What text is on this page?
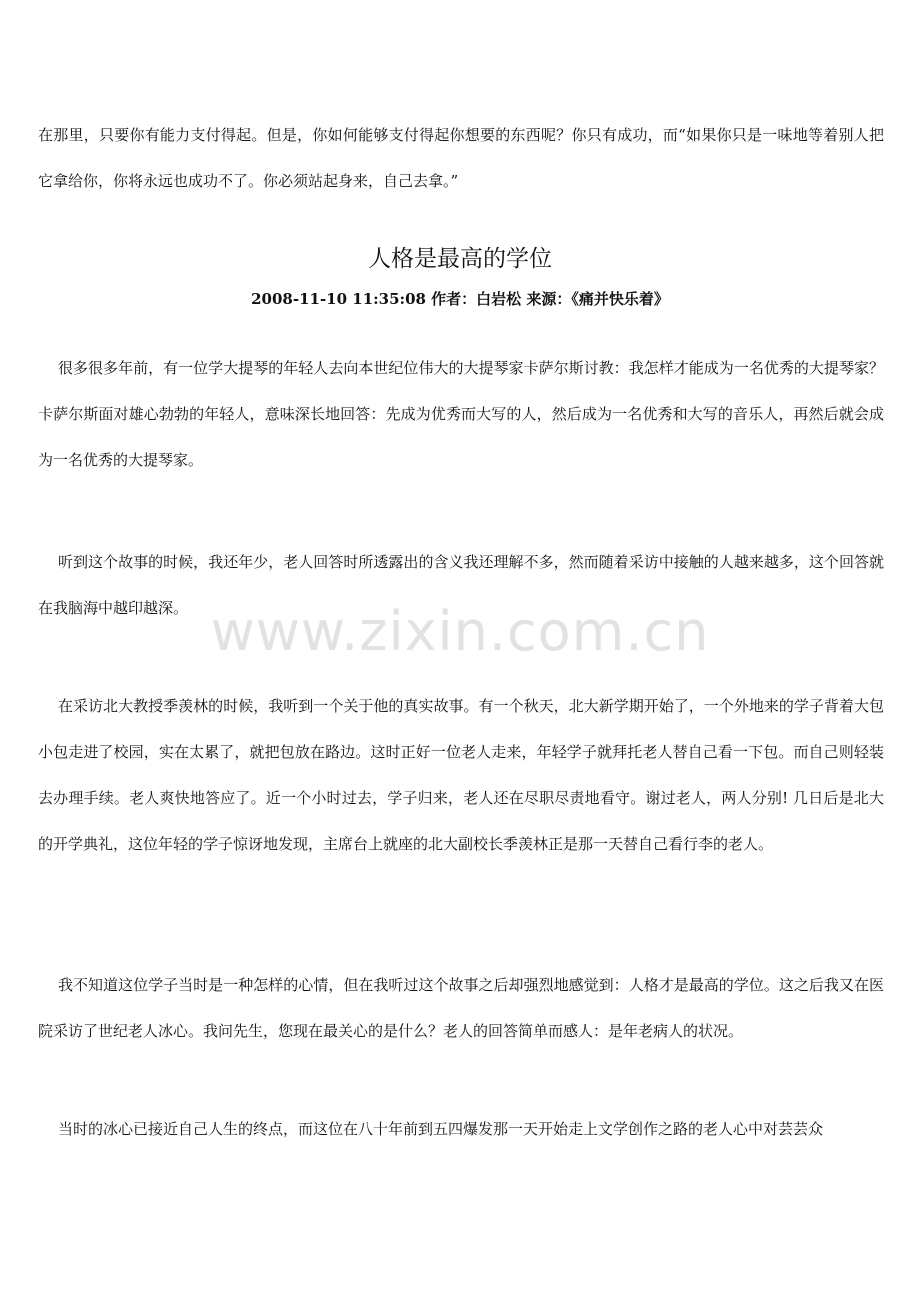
在那里，只要你有能力支付得起。但是，你如何能够支付得起你想要的东西呢？你只有成功，而“如果你只是一味地等着别人把它拿给你，你将永远也成功不了。你必须站起身来，自己去拿。”

人格是最高的学位

2008-11-10 11:35:08 作者：白岩松 来源：《痛并快乐着》

很多很多年前，有一位学大提琴的年轻人去向本世纪位伟大的大提琴家卡萨尔斯讨教：我怎样才能成为一名优秀的大提琴家？卡萨尔斯面对雄心勃勃的年轻人，意味深长地回答：先成为优秀而大写的人，然后成为一名优秀和大写的音乐人，再然后就会成为一名优秀的大提琴家。

听到这个故事的时候，我还年少，老人回答时所透露出的含义我还理解不多，然而随着采访中接触的人越来越多，这个回答就在我脑海中越印越深。

在采访北大教授季羡林的时候，我听到一个关于他的真实故事。有一个秋天，北大新学期开始了，一个外地来的学子背着大包小包走进了校园，实在太累了，就把包放在路边。这时正好一位老人走来，年轻学子就拜托老人替自己看一下包。而自己则轻装去办理手续。老人爽快地答应了。近一个小时过去，学子归来，老人还在尽职尽责地看守。谢过老人，两人分别! 几日后是北大的开学典礼，这位年轻的学子惊讶地发现，主席台上就座的北大副校长季羡林正是那一天替自己看行李的老人。

我不知道这位学子当时是一种怎样的心情，但在我听过这个故事之后却强烈地感觉到：人格才是最高的学位。这之后我又在医院采访了世纪老人冰心。我问先生，您现在最关心的是什么？老人的回答简单而感人：是年老病人的状况。

当时的冰心已接近自己人生的终点，而这位在八十年前到五四爆发那一天开始走上文学创作之路的老人心中对芸芸众

www.zixin.com.cn
